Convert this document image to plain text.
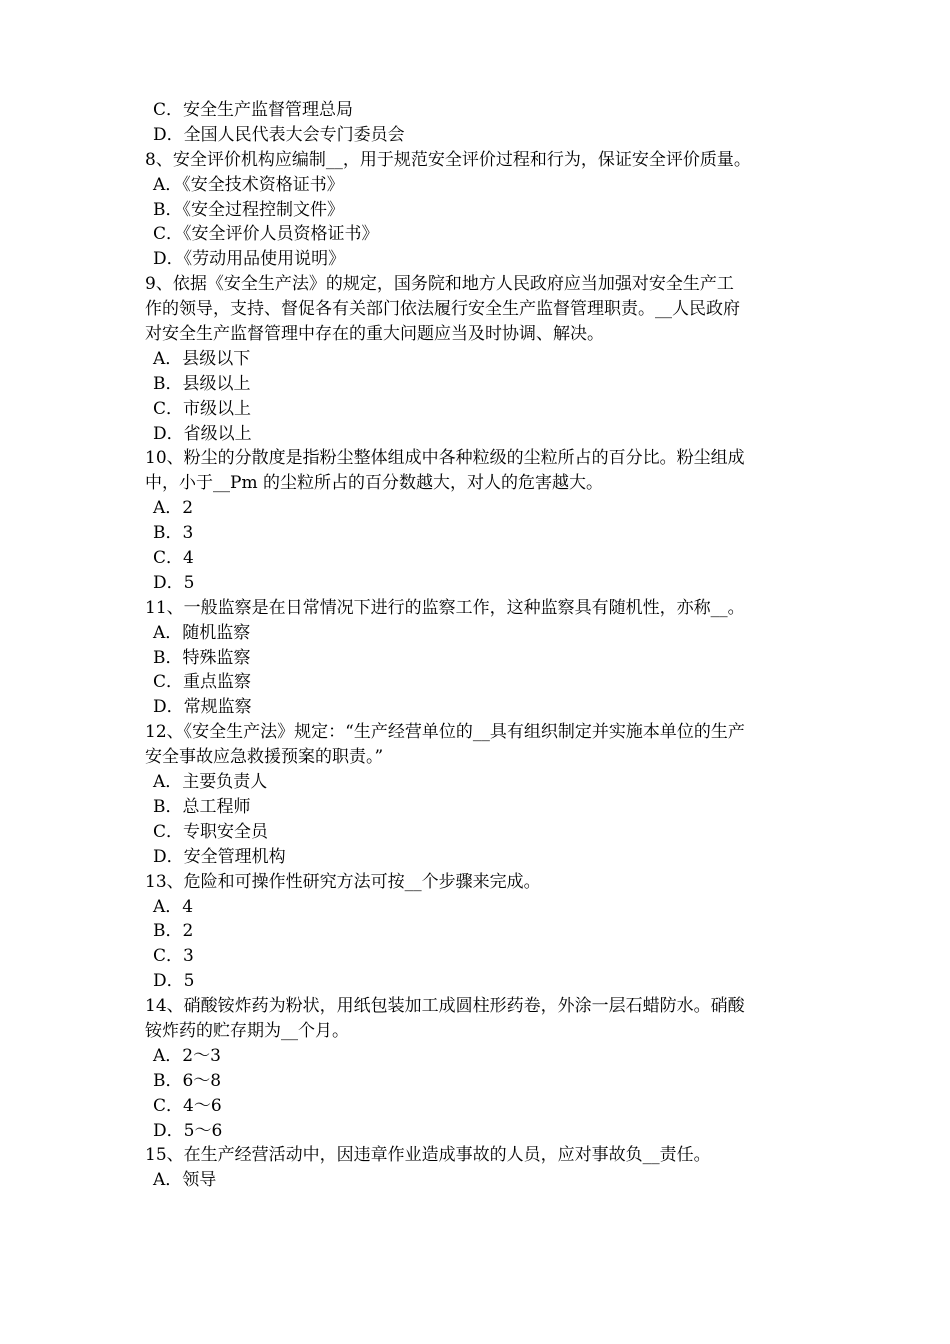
C．安全生产监督管理总局
D．全国人民代表大会专门委员会
8、安全评价机构应编制__，用于规范安全评价过程和行为，保证安全评价质量。
A．《安全技术资格证书》
B．《安全过程控制文件》
C．《安全评价人员资格证书》
D．《劳动用品使用说明》
9、依据《安全生产法》的规定，国务院和地方人民政府应当加强对安全生产工
作的领导，支持、督促各有关部门依法履行安全生产监督管理职责。__人民政府
对安全生产监督管理中存在的重大问题应当及时协调、解决。
A．县级以下
B．县级以上
C．市级以上
D．省级以上
10、粉尘的分散度是指粉尘整体组成中各种粒级的尘粒所占的百分比。粉尘组成
中，小于__Pm 的尘粒所占的百分数越大，对人的危害越大。
A．2
B．3
C．4
D．5
11、一般监察是在日常情况下进行的监察工作，这种监察具有随机性，亦称__。
A．随机监察
B．特殊监察
C．重点监察
D．常规监察
12、《安全生产法》规定：“生产经营单位的__具有组织制定并实施本单位的生产
安全事故应急救援预案的职责。”
A．主要负责人
B．总工程师
C．专职安全员
D．安全管理机构
13、危险和可操作性研究方法可按__个步骤来完成。
A．4
B．2
C．3
D．5
14、硝酸铵炸药为粉状，用纸包装加工成圆柱形药卷，外涂一层石蜡防水。硝酸
铵炸药的贮存期为__个月。
A．2～3
B．6～8
C．4～6
D．5～6
15、在生产经营活动中，因违章作业造成事故的人员，应对事故负__责任。
A．领导
